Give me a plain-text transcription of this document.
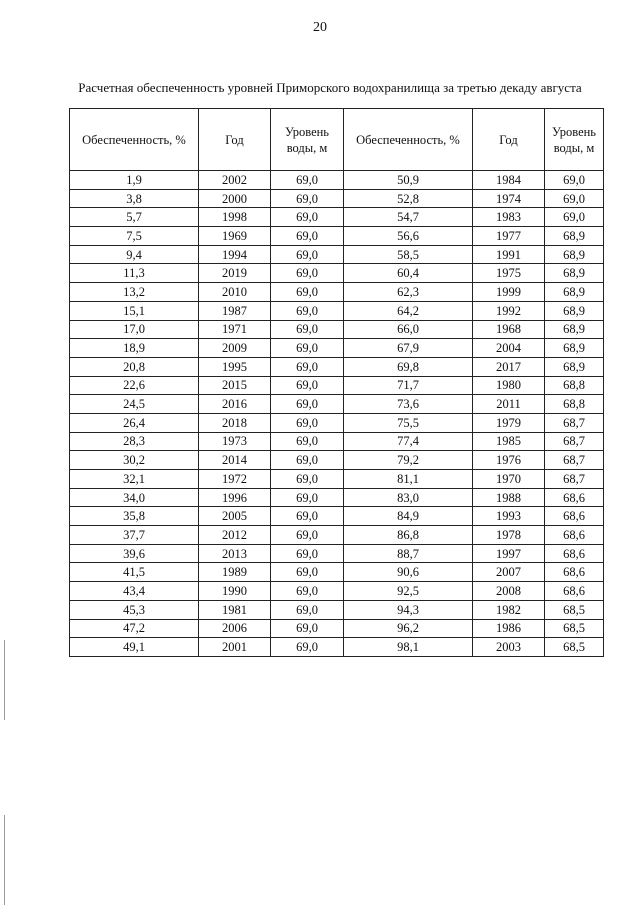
20
Расчетная обеспеченность уровней Приморского водохранилища за третью декаду августа
Обеспеченность, %	Год	Уровень воды, м	Обеспеченность, %	Год	Уровень воды, м
1,9	2002	69,0	50,9	1984	69,0
3,8	2000	69,0	52,8	1974	69,0
5,7	1998	69,0	54,7	1983	69,0
7,5	1969	69,0	56,6	1977	68,9
9,4	1994	69,0	58,5	1991	68,9
11,3	2019	69,0	60,4	1975	68,9
13,2	2010	69,0	62,3	1999	68,9
15,1	1987	69,0	64,2	1992	68,9
17,0	1971	69,0	66,0	1968	68,9
18,9	2009	69,0	67,9	2004	68,9
20,8	1995	69,0	69,8	2017	68,9
22,6	2015	69,0	71,7	1980	68,8
24,5	2016	69,0	73,6	2011	68,8
26,4	2018	69,0	75,5	1979	68,7
28,3	1973	69,0	77,4	1985	68,7
30,2	2014	69,0	79,2	1976	68,7
32,1	1972	69,0	81,1	1970	68,7
34,0	1996	69,0	83,0	1988	68,6
35,8	2005	69,0	84,9	1993	68,6
37,7	2012	69,0	86,8	1978	68,6
39,6	2013	69,0	88,7	1997	68,6
41,5	1989	69,0	90,6	2007	68,6
43,4	1990	69,0	92,5	2008	68,6
45,3	1981	69,0	94,3	1982	68,5
47,2	2006	69,0	96,2	1986	68,5
49,1	2001	69,0	98,1	2003	68,5
